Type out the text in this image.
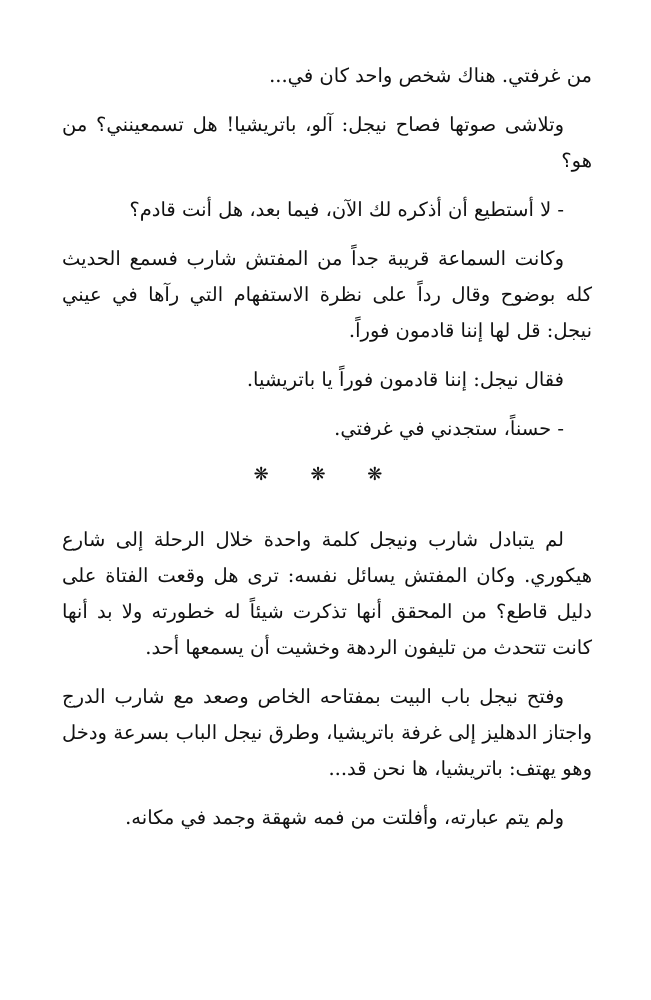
من غرفتي. هناك شخص واحد كان في...

وتلاشى صوتها فصاح نيجل: آلو، باتريشيا! هل تسمعينني؟ من هو؟

- لا أستطيع أن أذكره لك الآن، فيما بعد، هل أنت قادم؟

وكانت السماعة قريبة جداً من المفتش شارب فسمع الحديث كله بوضوح وقال رداً على نظرة الاستفهام التي رآها في عيني نيجل: قل لها إننا قادمون فوراً.

فقال نيجل: إننا قادمون فوراً يا باتريشيا.

- حسناً، ستجدني في غرفتي.

❋ ❋ ❋

لم يتبادل شارب ونيجل كلمة واحدة خلال الرحلة إلى شارع هيكوري. وكان المفتش يسائل نفسه: ترى هل وقعت الفتاة على دليل قاطع؟ من المحقق أنها تذكرت شيئاً له خطورته ولا بد أنها كانت تتحدث من تليفون الردهة وخشيت أن يسمعها أحد.

وفتح نيجل باب البيت بمفتاحه الخاص وصعد مع شارب الدرج واجتاز الدهليز إلى غرفة باتريشيا، وطرق نيجل الباب بسرعة ودخل وهو يهتف: باتريشيا، ها نحن قد...

ولم يتم عبارته، وأفلتت من فمه شهقة وجمد في مكانه.
